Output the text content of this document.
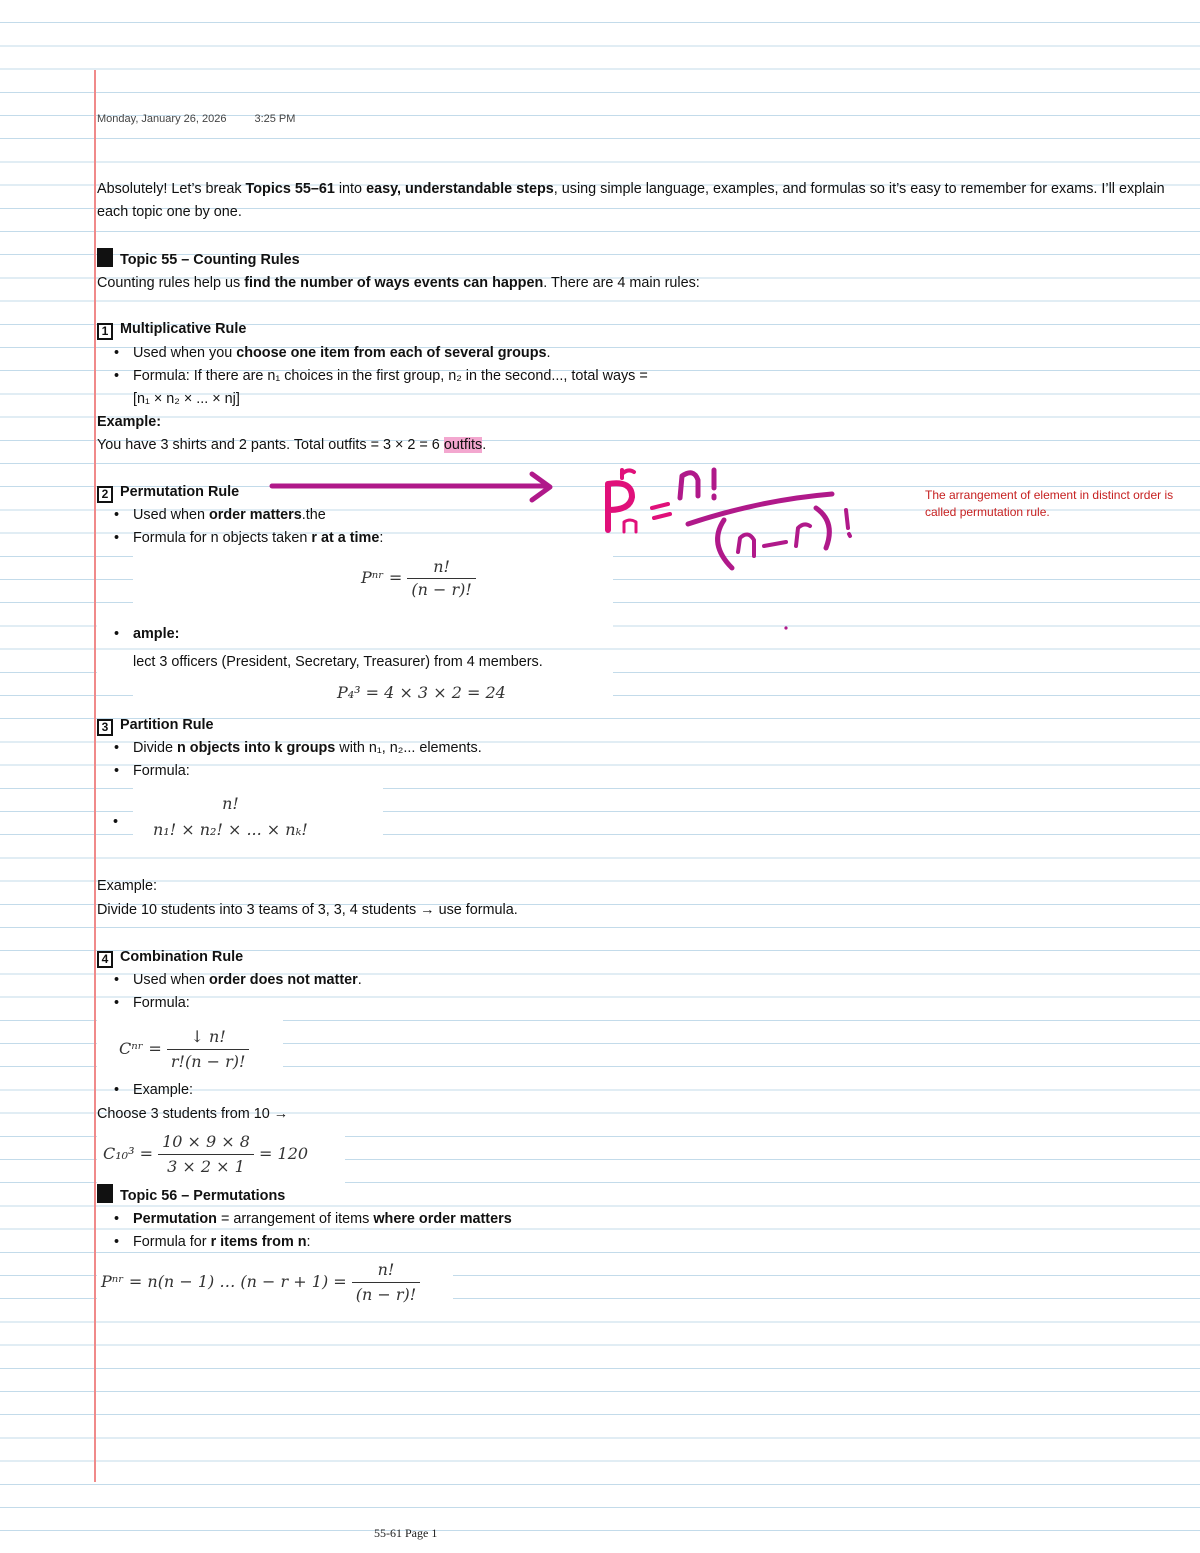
Monday, January 26, 2026	3:25 PM
Absolutely! Let’s break Topics 55–61 into easy, understandable steps, using simple language, examples, and formulas so it’s easy to remember for exams. I’ll explain each topic one by one.
Topic 55 – Counting Rules
Counting rules help us find the number of ways events can happen. There are 4 main rules:
1 Multiplicative Rule
• Used when you choose one item from each of several groups.
• Formula: If there are n₁ choices in the first group, n₂ in the second..., total ways =
[n₁ × n₂ × ... × nj]
Example:
You have 3 shirts and 2 pants. Total outfits = 3 × 2 = 6 outfits.
2 Permutation Rule
• Used when order matters.the
• Formula for n objects taken r at a time:
Pⁿʳ = $\frac{n!}{(n - r)!}$
• ample:
lect 3 officers (President, Secretary, Treasurer) from 4 members.
P₄³ = 4 × 3 × 2 = 24
3 Partition Rule
• Divide n objects into k groups with n₁, n₂... elements.
• Formula:
•
n!
n₁! × n₂! × ... × nₖ!
Example:
Divide 10 students into 3 teams of 3, 3, 4 students → use formula.
4 Combination Rule
• Used when order does not matter.
• Formula:
Cⁿʳ = $\frac{↓ n!}{r!(n - r)!}$
• Example:
Choose 3 students from 10 →
$C_{10}^3 = \frac{10 \times 9 \times 8}{3 \times 2 \times 1} = 120$
Topic 56 – Permutations
• Permutation = arrangement of items where order matters
• Formula for r items from n:
Pⁿʳ = n(n − 1) … $(n - r + 1) = \frac{n!}{(n - r)!}$
The arrangement of element in distinct order is called permutation rule.
55-61 Page 1
